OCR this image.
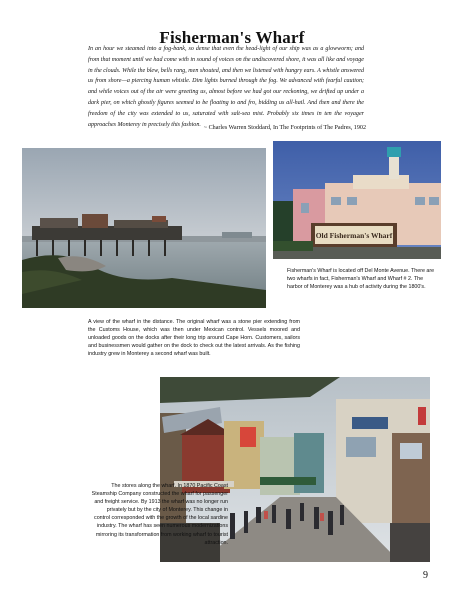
Fisherman's Wharf

In an hour we steamed into a fog-bank, so dense that even the head-light of our ship was as a glowworm; and from that moment until we had come with in sound of voices on the undiscovered shore, it was all like and voyage in the clouds. While the blew, bells rang, men shouted, and then we listened with hungry ears. A whistle answered us from shore—a piercing human whistle. Dim lights burned through the fog. We advanced with fearful caution; and while voices out of the air were greeting us, almost before we had got our reckoning, we drifted up under a dark pier, on which ghostly figures seemed to be floating to and fro, bidding us all-hail. And then and there the freedom of the city was extended to us, saturated with salt-sea mist. Probably six times in ten the voyager approaches Monterey in precisely this fashion.

~ Charles Warren Stoddard, In The Footprints of The Padres, 1902
Old Fisherman's Wharf

Fisherman's Wharf is located off Del Monte Avenue. There are two wharfs in fact, Fisherman's Wharf and Wharf # 2. The harbor of Monterey was a hub of activity during the 1800's.

A view of the wharf in the distance. The original wharf was a stone pier extending from the Customs House, which was then under Mexican control. Vessels moored and unloaded goods on the docks after their long trip around Cape Horn. Customers, sailors and businessmen would gather on the dock to check out the latest arrivals. As the fishing industry grew in Monterey a second wharf was built.

The stores along the wharf. In 1870 Pacific Coast Steamship Company constructed the wharf for passenger and freight service. By 1913 the wharf was no longer run privately but by the city of Monterey. This change in control corresponded with the growth of the local sardine industry. The wharf has seen numerous modernizations mirroring its transformation from working wharf to tourist attraction.

9
